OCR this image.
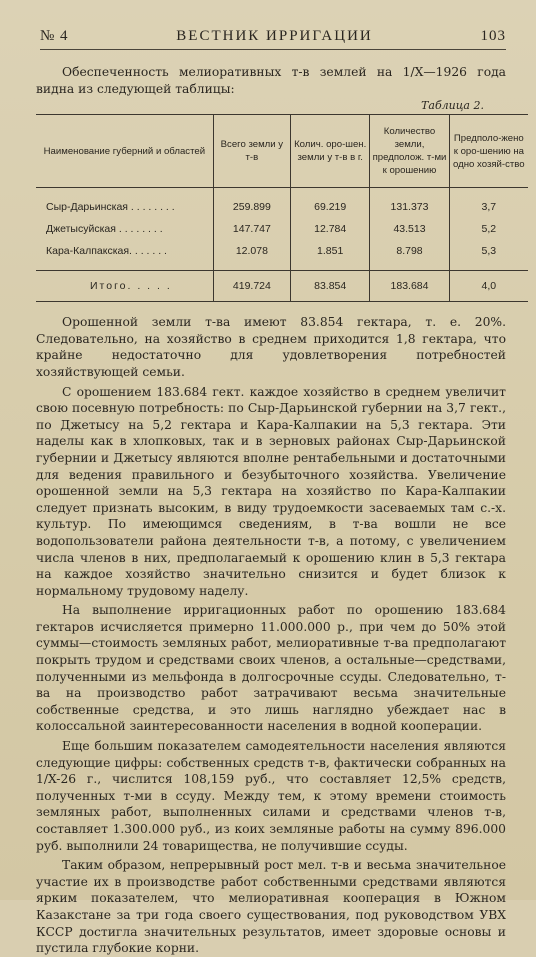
№ 4	ВЕСТНИК ИРРИГАЦИИ	103

Обеспеченность мелиоративных т-в землей на 1/X—1926 года видна из следующей таблицы:

Таблица 2.
Наименование губерний и областей	Всего земли у т-в	Колич. оро-шен. земли у т-в в г.	Количество земли, предполож. т-ми к орошению	Предполо-жено к оро-шению на одно хозяй-ство

Сыр-Дарьинская . . . . . . . .	259.899	69.219	131.373	3,7
Джетысуйская . . . . . . . .	147.747	12.784	43.513	5,2
Кара-Калпакская. . . . . . .	12.078	1.851	8.798	5,3

Итого. . . . .	419.724	83.854	183.684	4,0

Орошенной земли т-ва имеют 83.854 гектара, т. е. 20%. Следовательно, на хозяйство в среднем приходится 1,8 гектара, что крайне недостаточно для удовлетворения потребностей хозяйствующей семьи.

С орошением 183.684 гект. каждое хозяйство в среднем увеличит свою посевную потребность: по Сыр-Дарьинской губернии на 3,7 гект., по Джетысу на 5,2 гектара и Кара-Калпакии на 5,3 гектара. Эти наделы как в хлопковых, так и в зерновых районах Сыр-Дарьинской губернии и Джетысу являются вполне рентабельными и достаточными для ведения правильного и безубыточного хозяйства. Увеличение орошенной земли на 5,3 гектара на хозяйство по Кара-Калпакии следует признать высоким, в виду трудоемкости засеваемых там с.-х. культур. По имеющимся сведениям, в т-ва вошли не все водопользователи района деятельности т-в, а потому, с увеличением числа членов в них, предполагаемый к орошению клин в 5,3 гектара на каждое хозяйство значительно снизится и будет близок к нормальному трудовому наделу.

На выполнение ирригационных работ по орошению 183.684 гектаров исчисляется примерно 11.000.000 р., при чем до 50% этой суммы—стоимость земляных работ, мелиоративные т-ва предполагают покрыть трудом и средствами своих членов, а остальные—средствами, полученными из мельфонда в долгосрочные ссуды. Следовательно, т-ва на производство работ затрачивают весьма значительные собственные средства, и это лишь наглядно убеждает нас в колоссальной заинтересованности населения в водной кооперации.

Еще большим показателем самодеятельности населения являются следующие цифры: собственных средств т-в, фактически собранных на 1/X-26 г., числится 108,159 руб., что составляет 12,5% средств, полученных т-ми в ссуду. Между тем, к этому времени стоимость земляных работ, выполненных силами и средствами членов т-в, составляет 1.300.000 руб., из коих земляные работы на сумму 896.000 руб. выполнили 24 товарищества, не получившие ссуды.

Таким образом, непрерывный рост мел. т-в и весьма значительное участие их в производстве работ собственными средствами являются ярким показателем, что мелиоративная кооперация в Южном Казакстане за три года своего существования, под руководством УВХ КССР достигла значительных результатов, имеет здоровые основы и пустила глубокие корни.
